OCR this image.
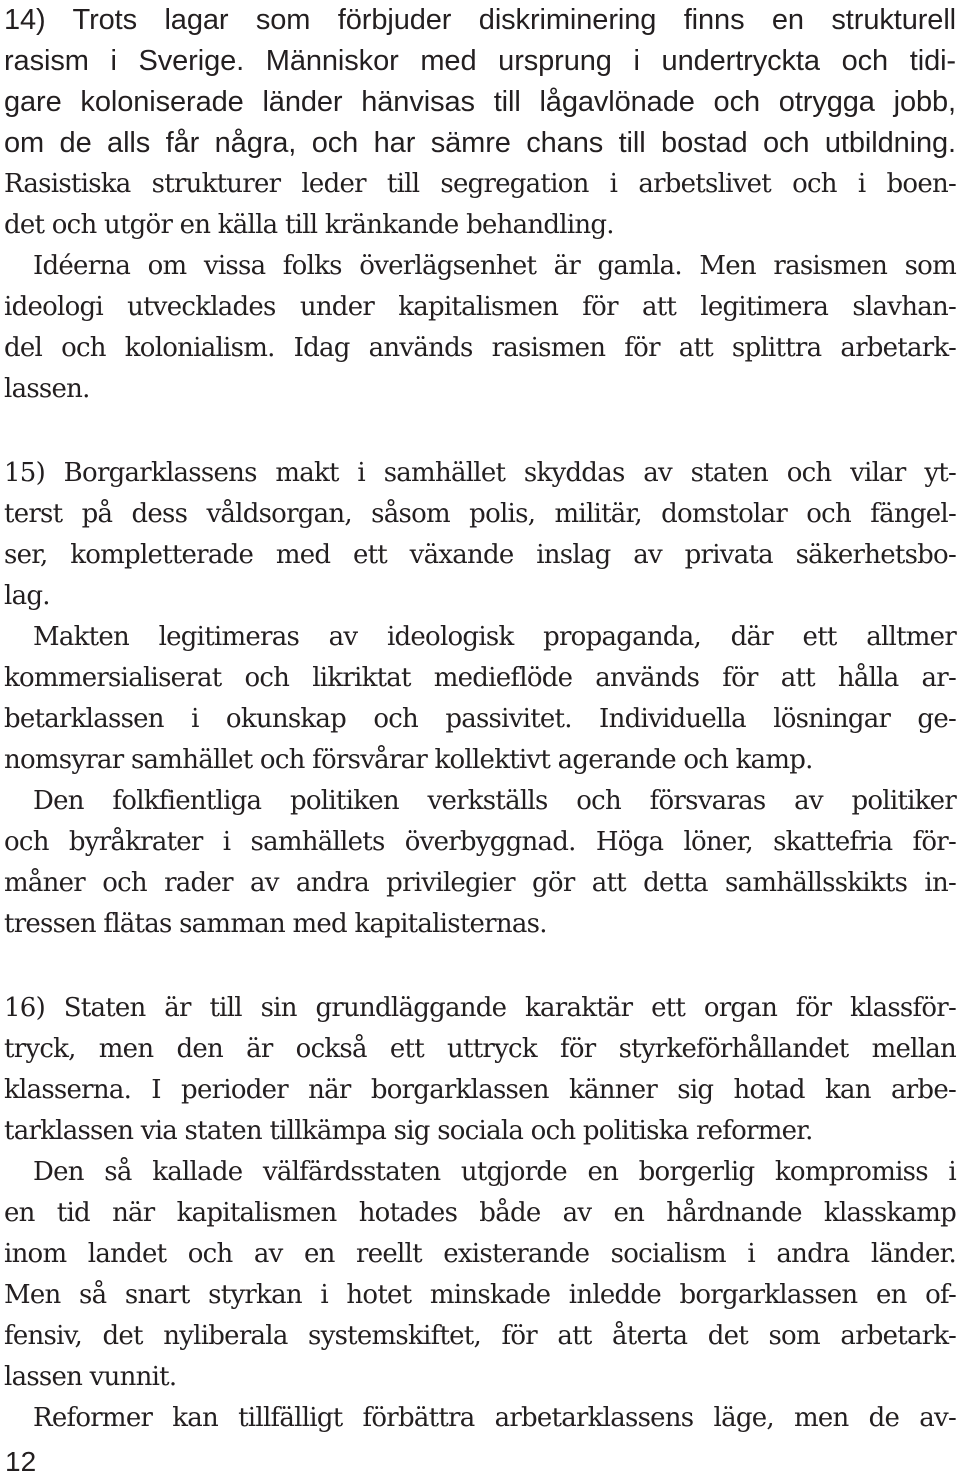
14) Trots lagar som förbjuder diskriminering finns en strukturell
rasism i Sverige. Människor med ursprung i undertryckta och tidi-
gare koloniserade länder hänvisas till lågavlönade och otrygga jobb,
om de alls får några, och har sämre chans till bostad och utbildning.
Rasistiska strukturer leder till segregation i arbetslivet och i boen-
det och utgör en källa till kränkande behandling.
Idéerna om vissa folks överlägsenhet är gamla. Men rasismen som
ideologi utvecklades under kapitalismen för att legitimera slavhan-
del och kolonialism. Idag används rasismen för att splittra arbetark-
lassen.
15) Borgarklassens makt i samhället skyddas av staten och vilar yt-
terst på dess våldsorgan, såsom polis, militär, domstolar och fängel-
ser, kompletterade med ett växande inslag av privata säkerhetsbo-
lag.
Makten legitimeras av ideologisk propaganda, där ett alltmer
kommersialiserat och likriktat medieflöde används för att hålla ar-
betarklassen i okunskap och passivitet. Individuella lösningar ge-
nomsyrar samhället och försvårar kollektivt agerande och kamp.
Den folkfientliga politiken verkställs och försvaras av politiker
och byråkrater i samhällets överbyggnad. Höga löner, skattefria för-
måner och rader av andra privilegier gör att detta samhällsskikts in-
tressen flätas samman med kapitalisternas.
16) Staten är till sin grundläggande karaktär ett organ för klassför-
tryck, men den är också ett uttryck för styrkeförhållandet mellan
klasserna. I perioder när borgarklassen känner sig hotad kan arbe-
tarklassen via staten tillkämpa sig sociala och politiska reformer.
Den så kallade välfärdsstaten utgjorde en borgerlig kompromiss i
en tid när kapitalismen hotades både av en hårdnande klasskamp
inom landet och av en reellt existerande socialism i andra länder.
Men så snart styrkan i hotet minskade inledde borgarklassen en of-
fensiv, det nyliberala systemskiftet, för att återta det som arbetark-
lassen vunnit.
Reformer kan tillfälligt förbättra arbetarklassens läge, men de av-
12
